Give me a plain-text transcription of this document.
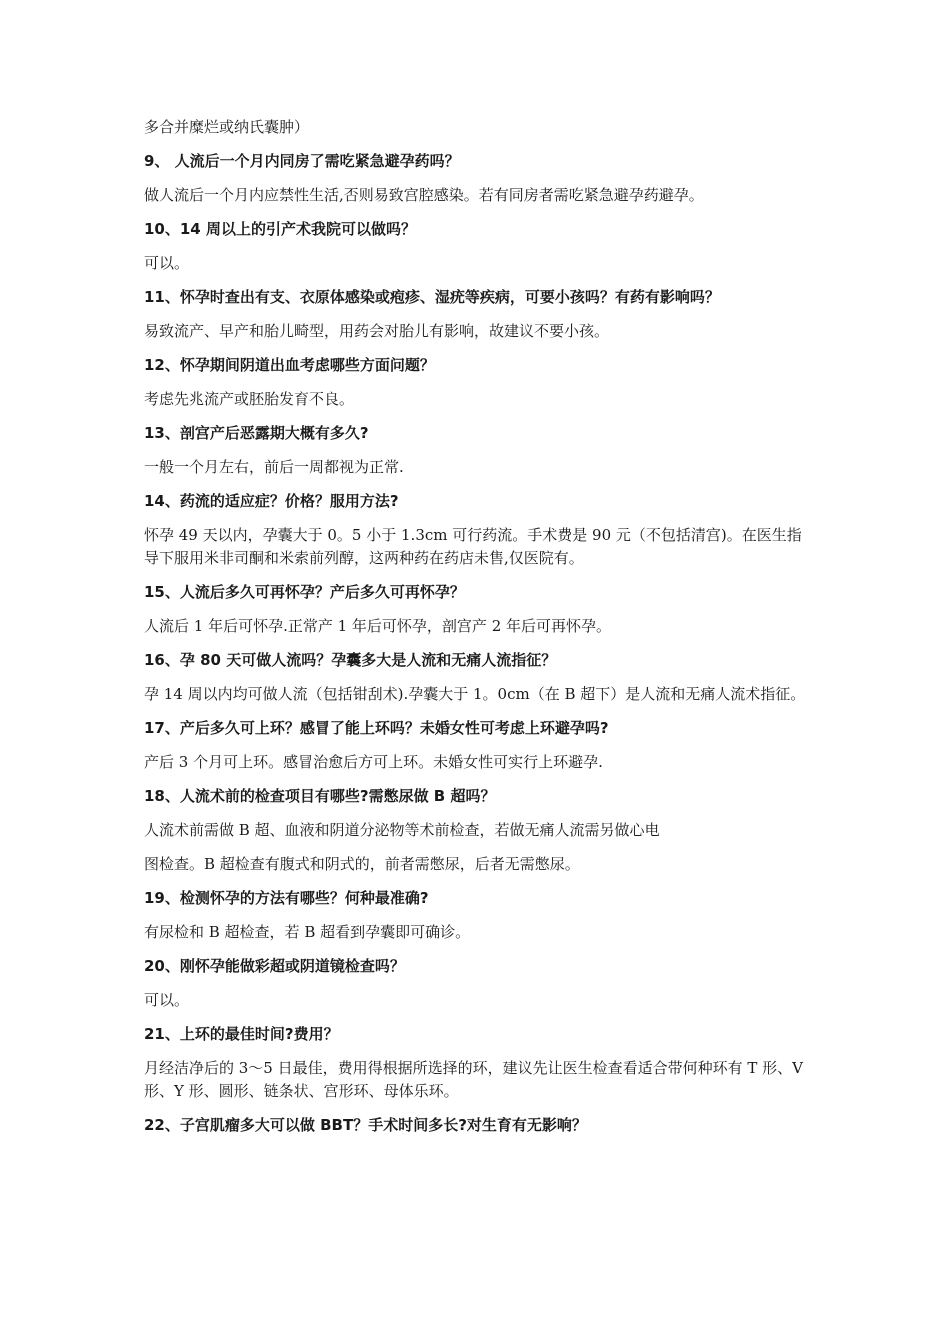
多合并糜烂或纳氏囊肿）

9、 人流后一个月内同房了需吃紧急避孕药吗？

做人流后一个月内应禁性生活,否则易致宫腔感染。若有同房者需吃紧急避孕药避孕。

10、14 周以上的引产术我院可以做吗？

可以。

11、怀孕时查出有支、衣原体感染或疱疹、湿疣等疾病，可要小孩吗？有药有影响吗？

易致流产、早产和胎儿畸型，用药会对胎儿有影响，故建议不要小孩。

12、怀孕期间阴道出血考虑哪些方面问题？

考虑先兆流产或胚胎发育不良。

13、剖宫产后恶露期大概有多久?

一般一个月左右，前后一周都视为正常.

14、药流的适应症？价格？服用方法?

怀孕 49 天以内，孕囊大于 0。5 小于 1.3cm 可行药流。手术费是 90 元（不包括清宫)。在医生指导下服用米非司酮和米索前列醇，这两种药在药店未售,仅医院有。

15、人流后多久可再怀孕？产后多久可再怀孕？

人流后 1 年后可怀孕.正常产 1 年后可怀孕，剖宫产 2 年后可再怀孕。

16、孕 80 天可做人流吗？孕囊多大是人流和无痛人流指征？

孕 14 周以内均可做人流（包括钳刮术).孕囊大于 1。0cm（在 B 超下）是人流和无痛人流术指征。

17、产后多久可上环？感冒了能上环吗？未婚女性可考虑上环避孕吗?

产后 3 个月可上环。感冒治愈后方可上环。未婚女性可实行上环避孕.

18、人流术前的检查项目有哪些?需憋尿做 B 超吗？

人流术前需做 B 超、血液和阴道分泌物等术前检查，若做无痛人流需另做心电

图检查。B 超检查有腹式和阴式的，前者需憋尿，后者无需憋尿。

19、检测怀孕的方法有哪些？何种最准确?

有尿检和 B 超检查，若 B 超看到孕囊即可确诊。

20、刚怀孕能做彩超或阴道镜检查吗？

可以。

21、上环的最佳时间?费用？

月经洁净后的 3～5 日最佳，费用得根据所选择的环，建议先让医生检查看适合带何种环有 T 形、V 形、Y 形、圆形、链条状、宫形环、母体乐环。

22、子宫肌瘤多大可以做 BBT？手术时间多长?对生育有无影响？
